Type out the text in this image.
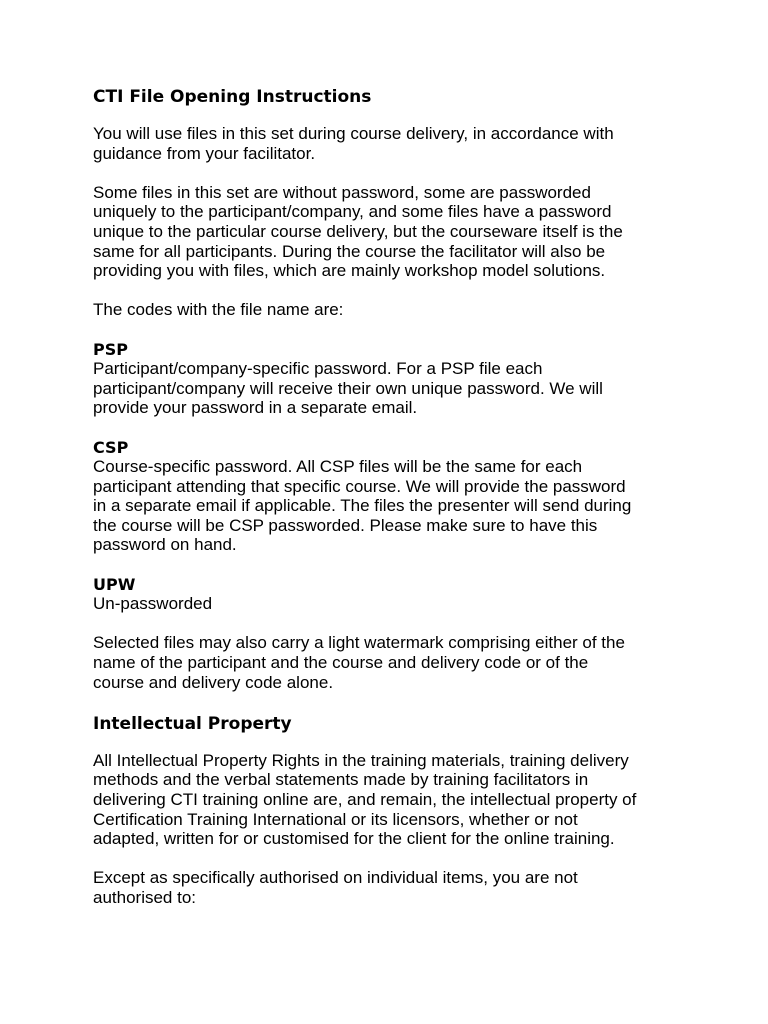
CTI File Opening Instructions
You will use files in this set during course delivery, in accordance with
guidance from your facilitator.
Some files in this set are without password, some are passworded
uniquely to the participant/company, and some files have a password
unique to the particular course delivery, but the courseware itself is the
same for all participants. During the course the facilitator will also be
providing you with files, which are mainly workshop model solutions.
The codes with the file name are:
PSP
Participant/company-specific password. For a PSP file each
participant/company will receive their own unique password. We will
provide your password in a separate email.
CSP
Course-specific password. All CSP files will be the same for each
participant attending that specific course. We will provide the password
in a separate email if applicable. The files the presenter will send during
the course will be CSP passworded. Please make sure to have this
password on hand.
UPW
Un-passworded
Selected files may also carry a light watermark comprising either of the
name of the participant and the course and delivery code or of the
course and delivery code alone.
Intellectual Property
All Intellectual Property Rights in the training materials, training delivery
methods and the verbal statements made by training facilitators in
delivering CTI training online are, and remain, the intellectual property of
Certification Training International or its licensors, whether or not
adapted, written for or customised for the client for the online training.
Except as specifically authorised on individual items, you are not
authorised to:
